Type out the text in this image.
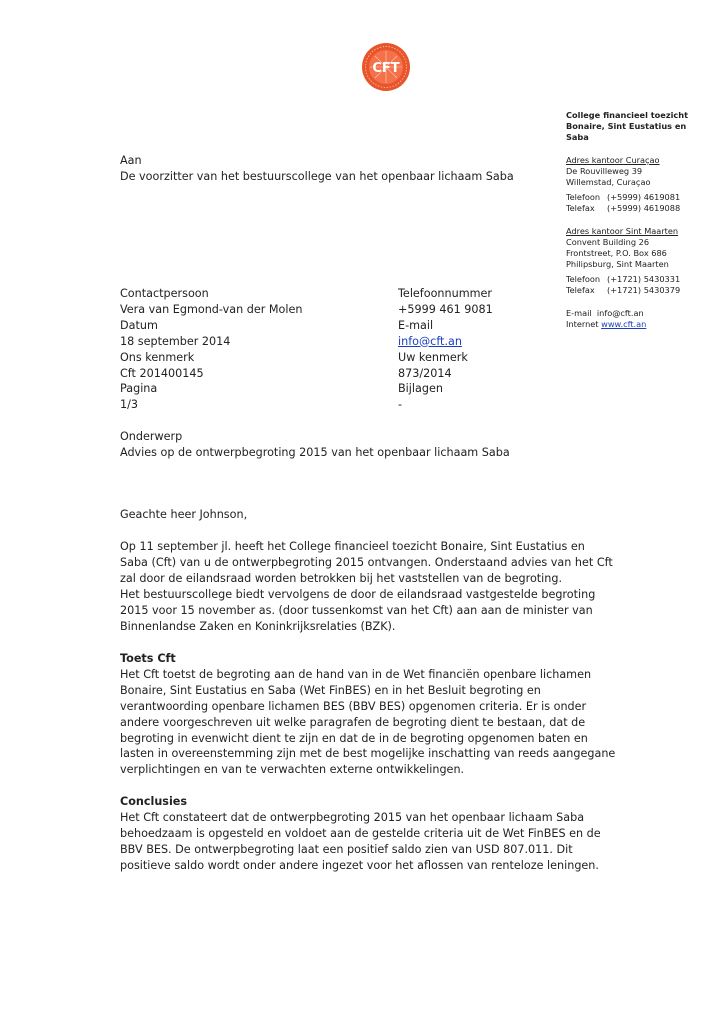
CFT
College financieel toezicht
Bonaire, Sint Eustatius en
Saba
Adres kantoor Curaçao
De Rouvilleweg 39
Willemstad, Curaçao
Telefoon (+5999) 4619081
Telefax	(+5999) 4619088
Adres kantoor Sint Maarten
Convent Building 26
Frontstreet, P.O. Box 686
Philipsburg, Sint Maarten
Telefoon (+1721) 5430331
Telefax	(+1721) 5430379
E-mail info@cft.an
Internet www.cft.an
Aan
De voorzitter van het bestuurscollege van het openbaar lichaam Saba
Contactpersoon
Vera van Egmond-van der Molen
Datum
18 september 2014
Ons kenmerk
Cft 201400145
Pagina
1/3
Telefoonnummer
+5999 461 9081
E-mail
info@cft.an
Uw kenmerk
873/2014
Bijlagen
-
Onderwerp
Advies op de ontwerpbegroting 2015 van het openbaar lichaam Saba
Geachte heer Johnson,
Op 11 september jl. heeft het College financieel toezicht Bonaire, Sint Eustatius en
Saba (Cft) van u de ontwerpbegroting 2015 ontvangen. Onderstaand advies van het Cft
zal door de eilandsraad worden betrokken bij het vaststellen van de begroting.
Het bestuurscollege biedt vervolgens de door de eilandsraad vastgestelde begroting
2015 voor 15 november as. (door tussenkomst van het Cft) aan aan de minister van
Binnenlandse Zaken en Koninkrijksrelaties (BZK).
Toets Cft
Het Cft toetst de begroting aan de hand van in de Wet financiën openbare lichamen
Bonaire, Sint Eustatius en Saba (Wet FinBES) en in het Besluit begroting en
verantwoording openbare lichamen BES (BBV BES) opgenomen criteria. Er is onder
andere voorgeschreven uit welke paragrafen de begroting dient te bestaan, dat de
begroting in evenwicht dient te zijn en dat de in de begroting opgenomen baten en
lasten in overeenstemming zijn met de best mogelijke inschatting van reeds aangegane
verplichtingen en van te verwachten externe ontwikkelingen.
Conclusies
Het Cft constateert dat de ontwerpbegroting 2015 van het openbaar lichaam Saba
behoedzaam is opgesteld en voldoet aan de gestelde criteria uit de Wet FinBES en de
BBV BES. De ontwerpbegroting laat een positief saldo zien van USD 807.011. Dit
positieve saldo wordt onder andere ingezet voor het aflossen van renteloze leningen.
